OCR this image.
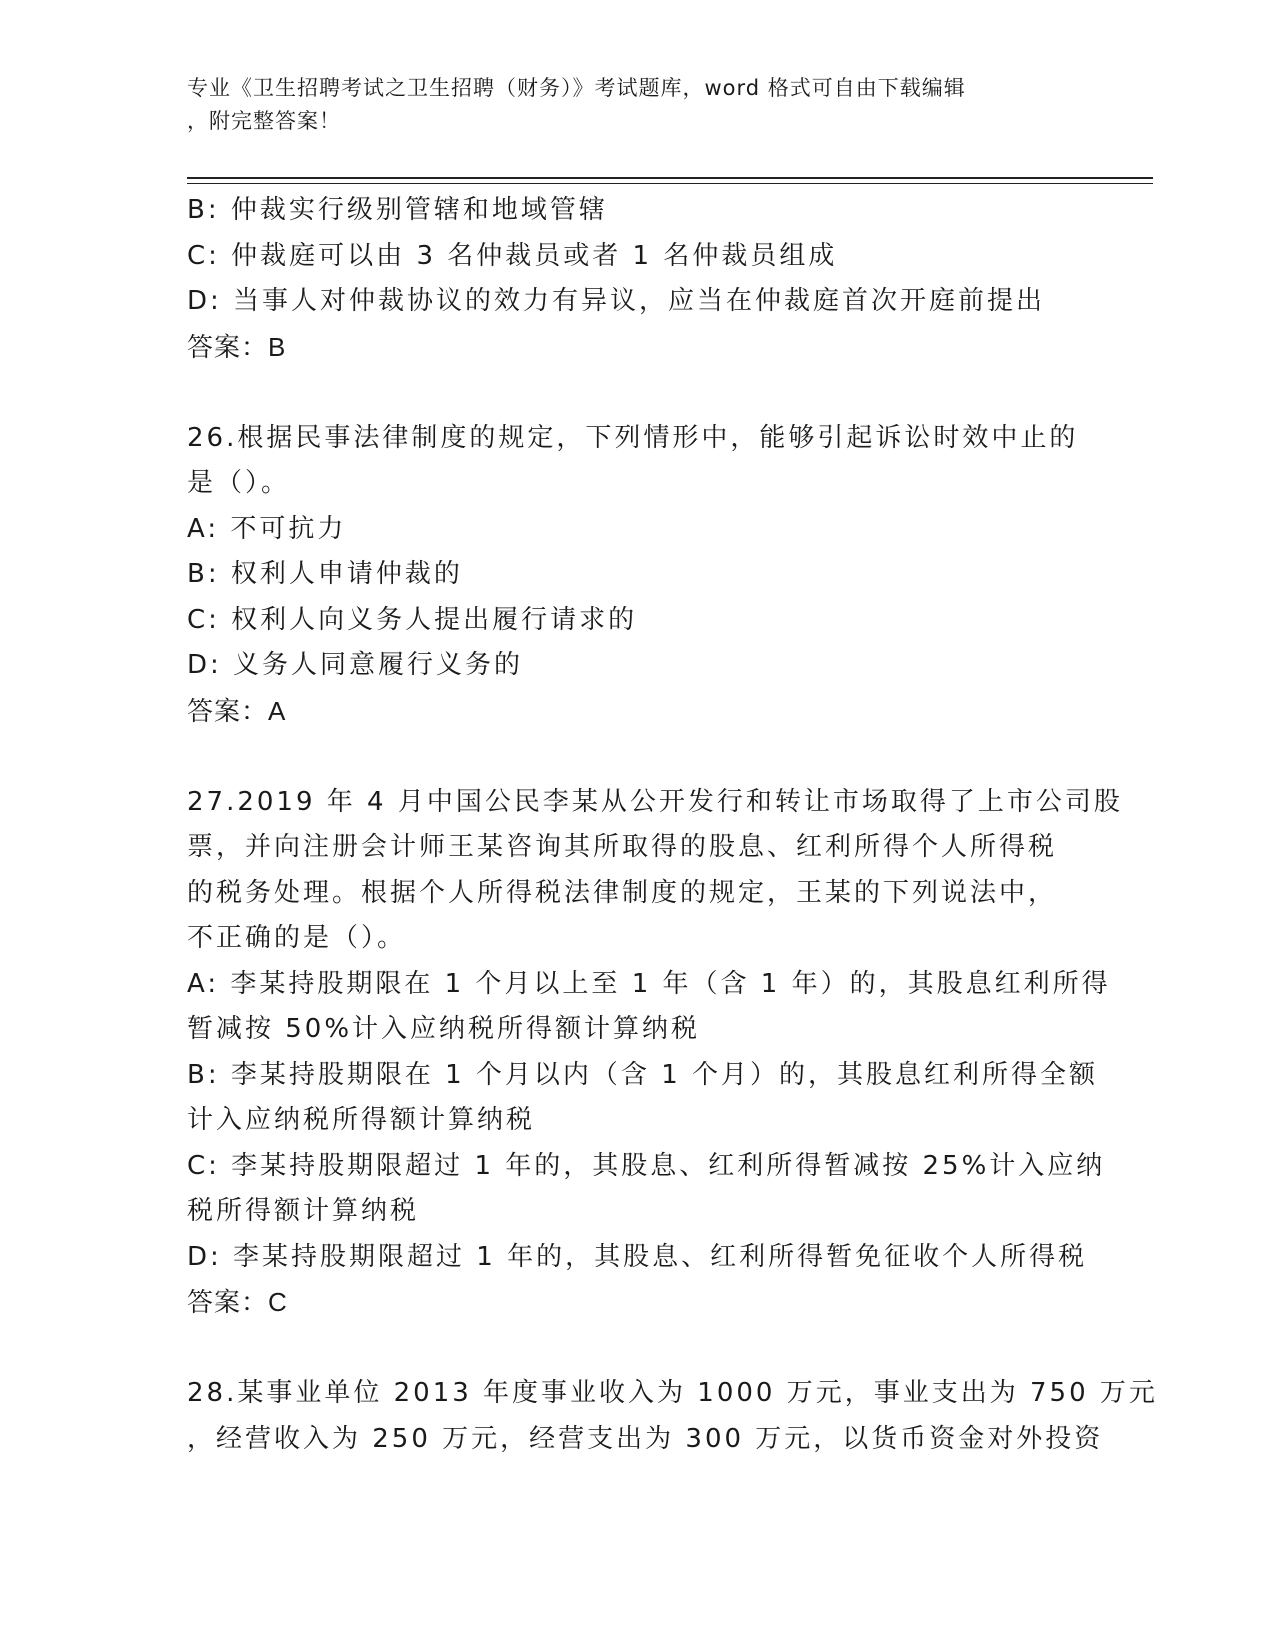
专业《卫生招聘考试之卫生招聘（财务）》考试题库，word 格式可自由下载编辑
，附完整答案！
B: 仲裁实行级别管辖和地域管辖
C: 仲裁庭可以由 3 名仲裁员或者 1 名仲裁员组成
D: 当事人对仲裁协议的效力有异议，应当在仲裁庭首次开庭前提出
答案：B
26.根据民事法律制度的规定，下列情形中，能够引起诉讼时效中止的
是（）。
A: 不可抗力
B: 权利人申请仲裁的
C: 权利人向义务人提出履行请求的
D: 义务人同意履行义务的
答案：A
27.2019 年 4 月中国公民李某从公开发行和转让市场取得了上市公司股
票，并向注册会计师王某咨询其所取得的股息、红利所得个人所得税
的税务处理。根据个人所得税法律制度的规定，王某的下列说法中，
不正确的是（）。
A: 李某持股期限在 1 个月以上至 1 年（含 1 年）的，其股息红利所得
暂减按 50%计入应纳税所得额计算纳税
B: 李某持股期限在 1 个月以内（含 1 个月）的，其股息红利所得全额
计入应纳税所得额计算纳税
C: 李某持股期限超过 1 年的，其股息、红利所得暂减按 25%计入应纳
税所得额计算纳税
D: 李某持股期限超过 1 年的，其股息、红利所得暂免征收个人所得税
答案：C
28.某事业单位 2013 年度事业收入为 1000 万元，事业支出为 750 万元
，经营收入为 250 万元，经营支出为 300 万元，以货币资金对外投资
